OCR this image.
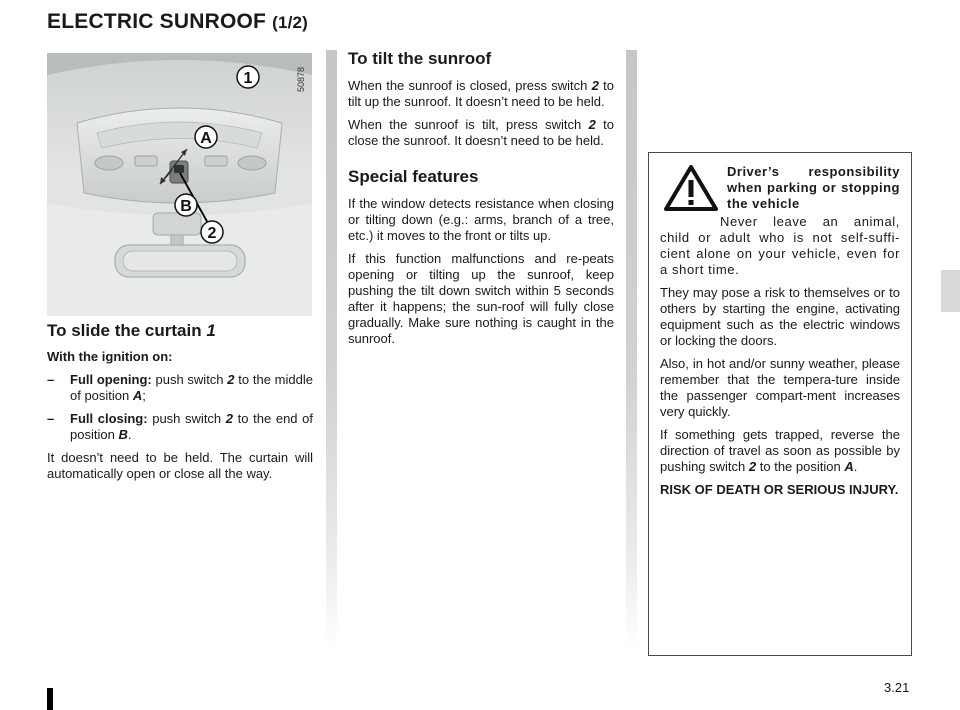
ELECTRIC SUNROOF (1/2)
1
A
B
2
50878
To slide the curtain 1
With the ignition on:
– Full opening: push switch 2 to the middle of position A;
– Full closing: push switch 2 to the end of position B.
It doesn’t need to be held. The curtain will automatically open or close all the way.
To tilt the sunroof
When the sunroof is closed, press switch 2 to tilt up the sunroof. It doesn’t need to be held.
When the sunroof is tilt, press switch 2 to close the sunroof. It doesn’t need to be held.
Special features
If the window detects resistance when closing or tilting down (e.g.: arms, branch of a tree, etc.) it moves to the front or tilts up.
If this function malfunctions and re-peats opening or tilting up the sunroof, keep pushing the tilt down switch within 5 seconds after it happens; the sun-roof will fully close gradually. Make sure nothing is caught in the sunroof.
Driver’s responsibility when parking or stopping the vehicle
Never leave an animal, child or adult who is not self-suffi-cient alone on your vehicle, even for a short time.
They may pose a risk to themselves or to others by starting the engine, activating equipment such as the electric windows or locking the doors.
Also, in hot and/or sunny weather, please remember that the tempera-ture inside the passenger compart-ment increases very quickly.
If something gets trapped, reverse the direction of travel as soon as possible by pushing switch 2 to the position A.
RISK OF DEATH OR SERIOUS INJURY.
3.21
